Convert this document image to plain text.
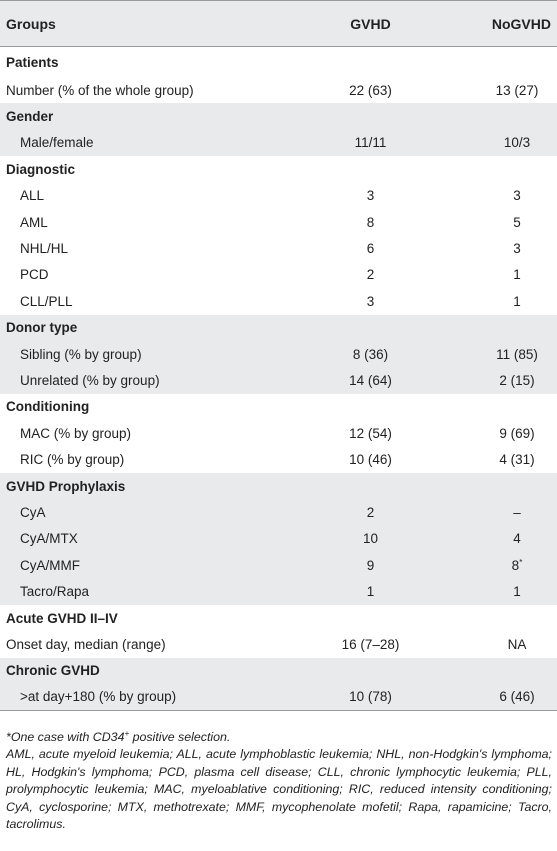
Groups	GVHD	NoGVHD
Patients		
Number (% of the whole group)	22 (63)	13 (27)
Gender		
Male/female	11/11	10/3
Diagnostic		
ALL	3	3
AML	8	5
NHL/HL	6	3
PCD	2	1
CLL/PLL	3	1
Donor type		
Sibling (% by group)	8 (36)	11 (85)
Unrelated (% by group)	14 (64)	2 (15)
Conditioning		
MAC (% by group)	12 (54)	9 (69)
RIC (% by group)	10 (46)	4 (31)
GVHD Prophylaxis		
CyA	2	–
CyA/MTX	10	4
CyA/MMF	9	8*
Tacro/Rapa	1	1
Acute GVHD II–IV		
Onset day, median (range)	16 (7–28)	NA
Chronic GVHD		
>at day+180 (% by group)	10 (78)	6 (46)

*One case with CD34+ positive selection.

AML, acute myeloid leukemia; ALL, acute lymphoblastic leukemia; NHL, non-Hodgkin's lymphoma; HL, Hodgkin's lymphoma; PCD, plasma cell disease; CLL, chronic lymphocytic leukemia; PLL, prolymphocytic leukemia; MAC, myeloablative conditioning; RIC, reduced intensity conditioning; CyA, cyclosporine; MTX, methotrexate; MMF, mycophenolate mofetil; Rapa, rapamicine; Tacro, tacrolimus.
